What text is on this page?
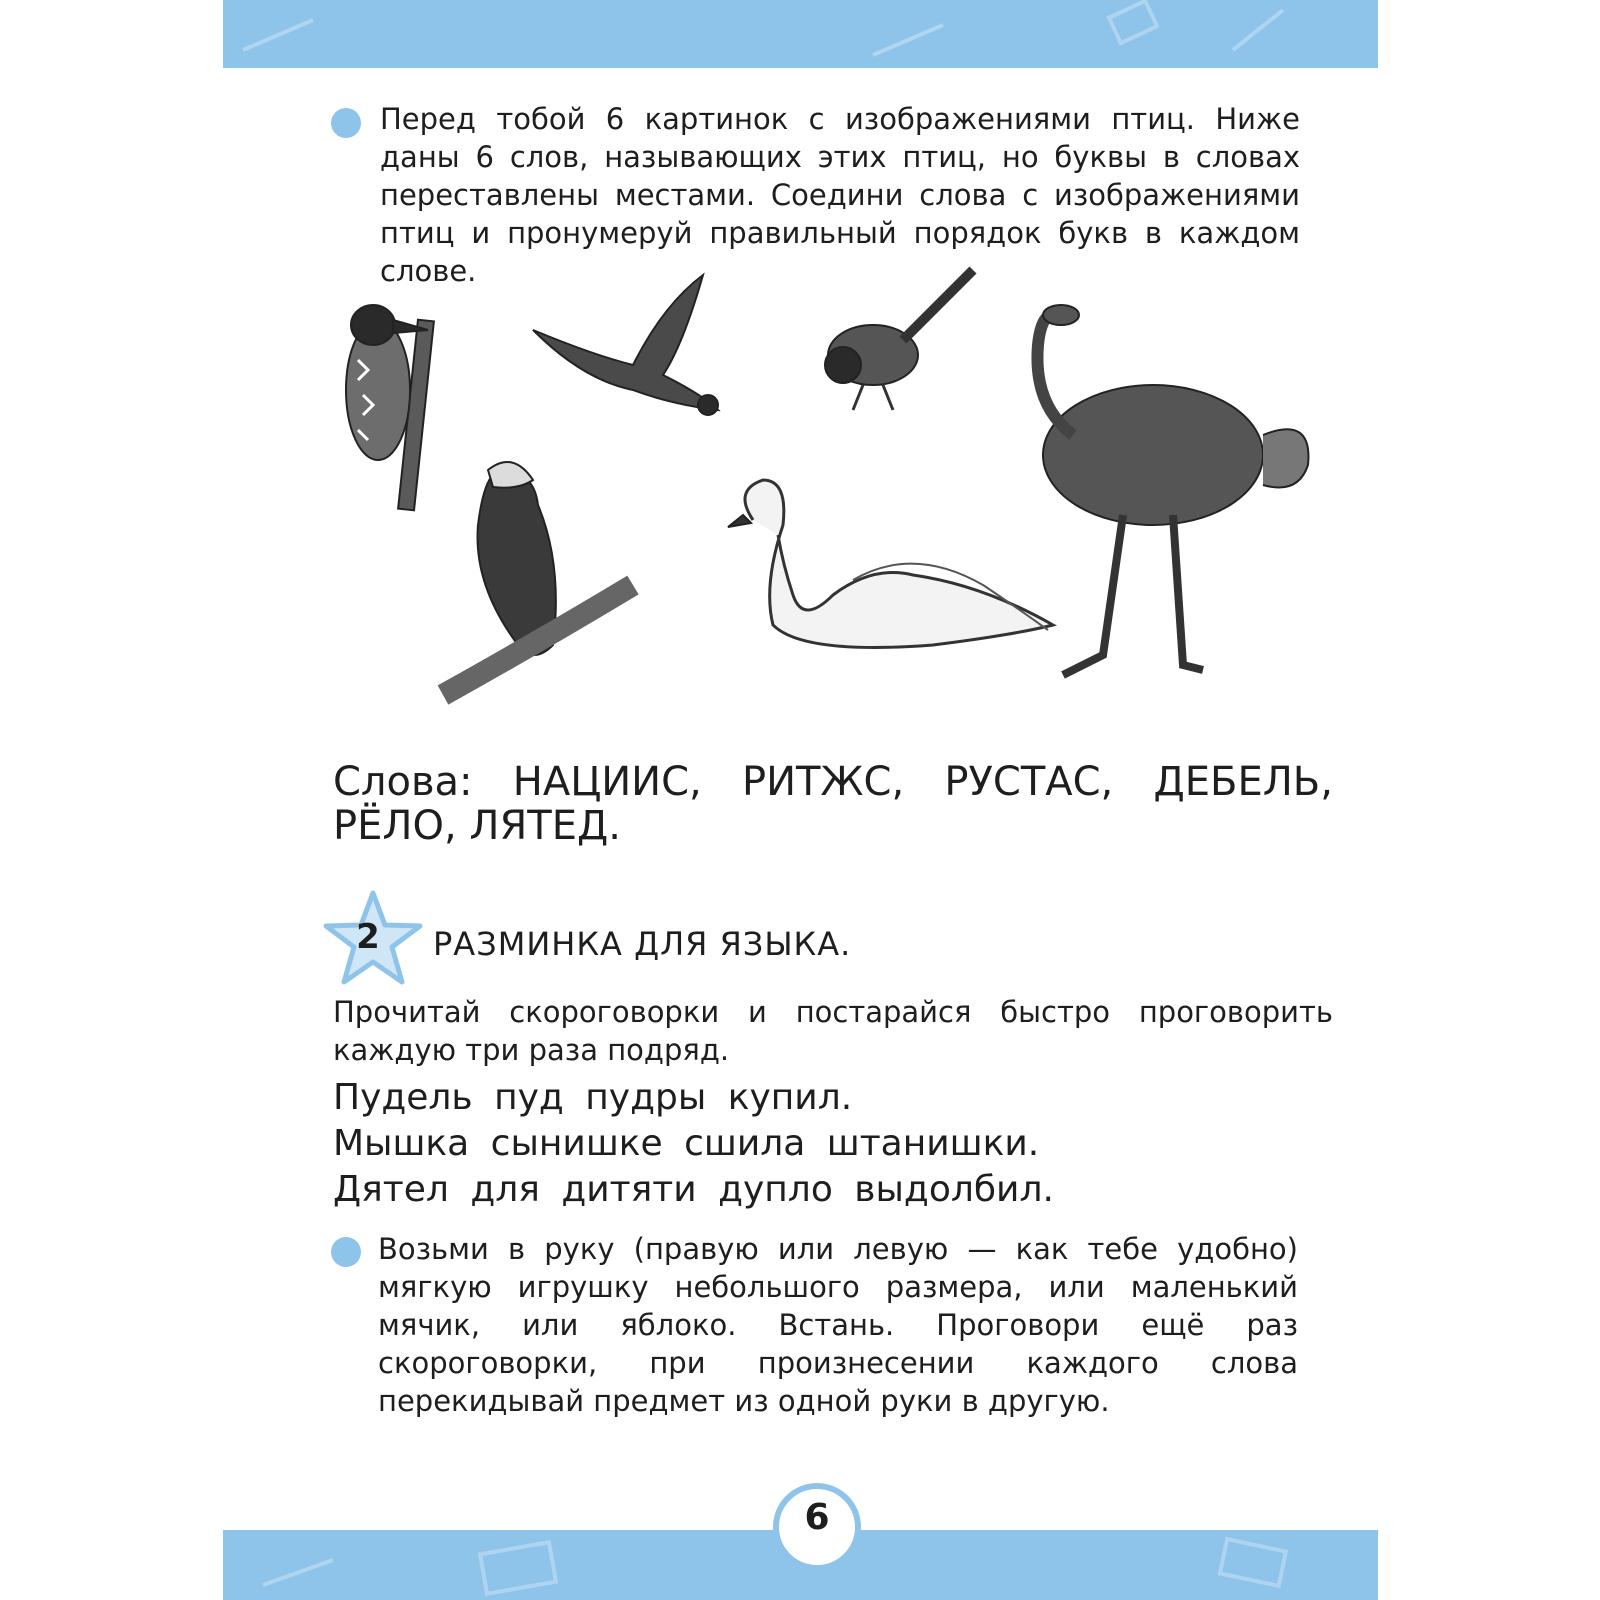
Перед тобой 6 картинок с изображениями птиц. Ниже даны 6 слов, называющих этих птиц, но буквы в словах переставлены местами. Соедини слова с изображениями птиц и пронумеруй правильный порядок букв в каждом слове.

Слова: НАЦИИС, РИТЖС, РУСТАС, ДЕБЕЛЬ,
РЁЛО, ЛЯТЕД.
2	РАЗМИНКА ДЛЯ ЯЗЫКА.

Прочитай скороговорки и постарайся быстро проговорить каждую три раза подряд.

Пудель пуд пудры купил.

Мышка сынишке сшила штанишки.

Дятел для дитяти дупло выдолбил.

Возьми в руку (правую или левую — как тебе удобно) мягкую игрушку небольшого размера, или маленький мячик, или яблоко. Встань. Проговори ещё раз скороговорки, при произнесении каждого слова перекидывай предмет из одной руки в другую.

6
